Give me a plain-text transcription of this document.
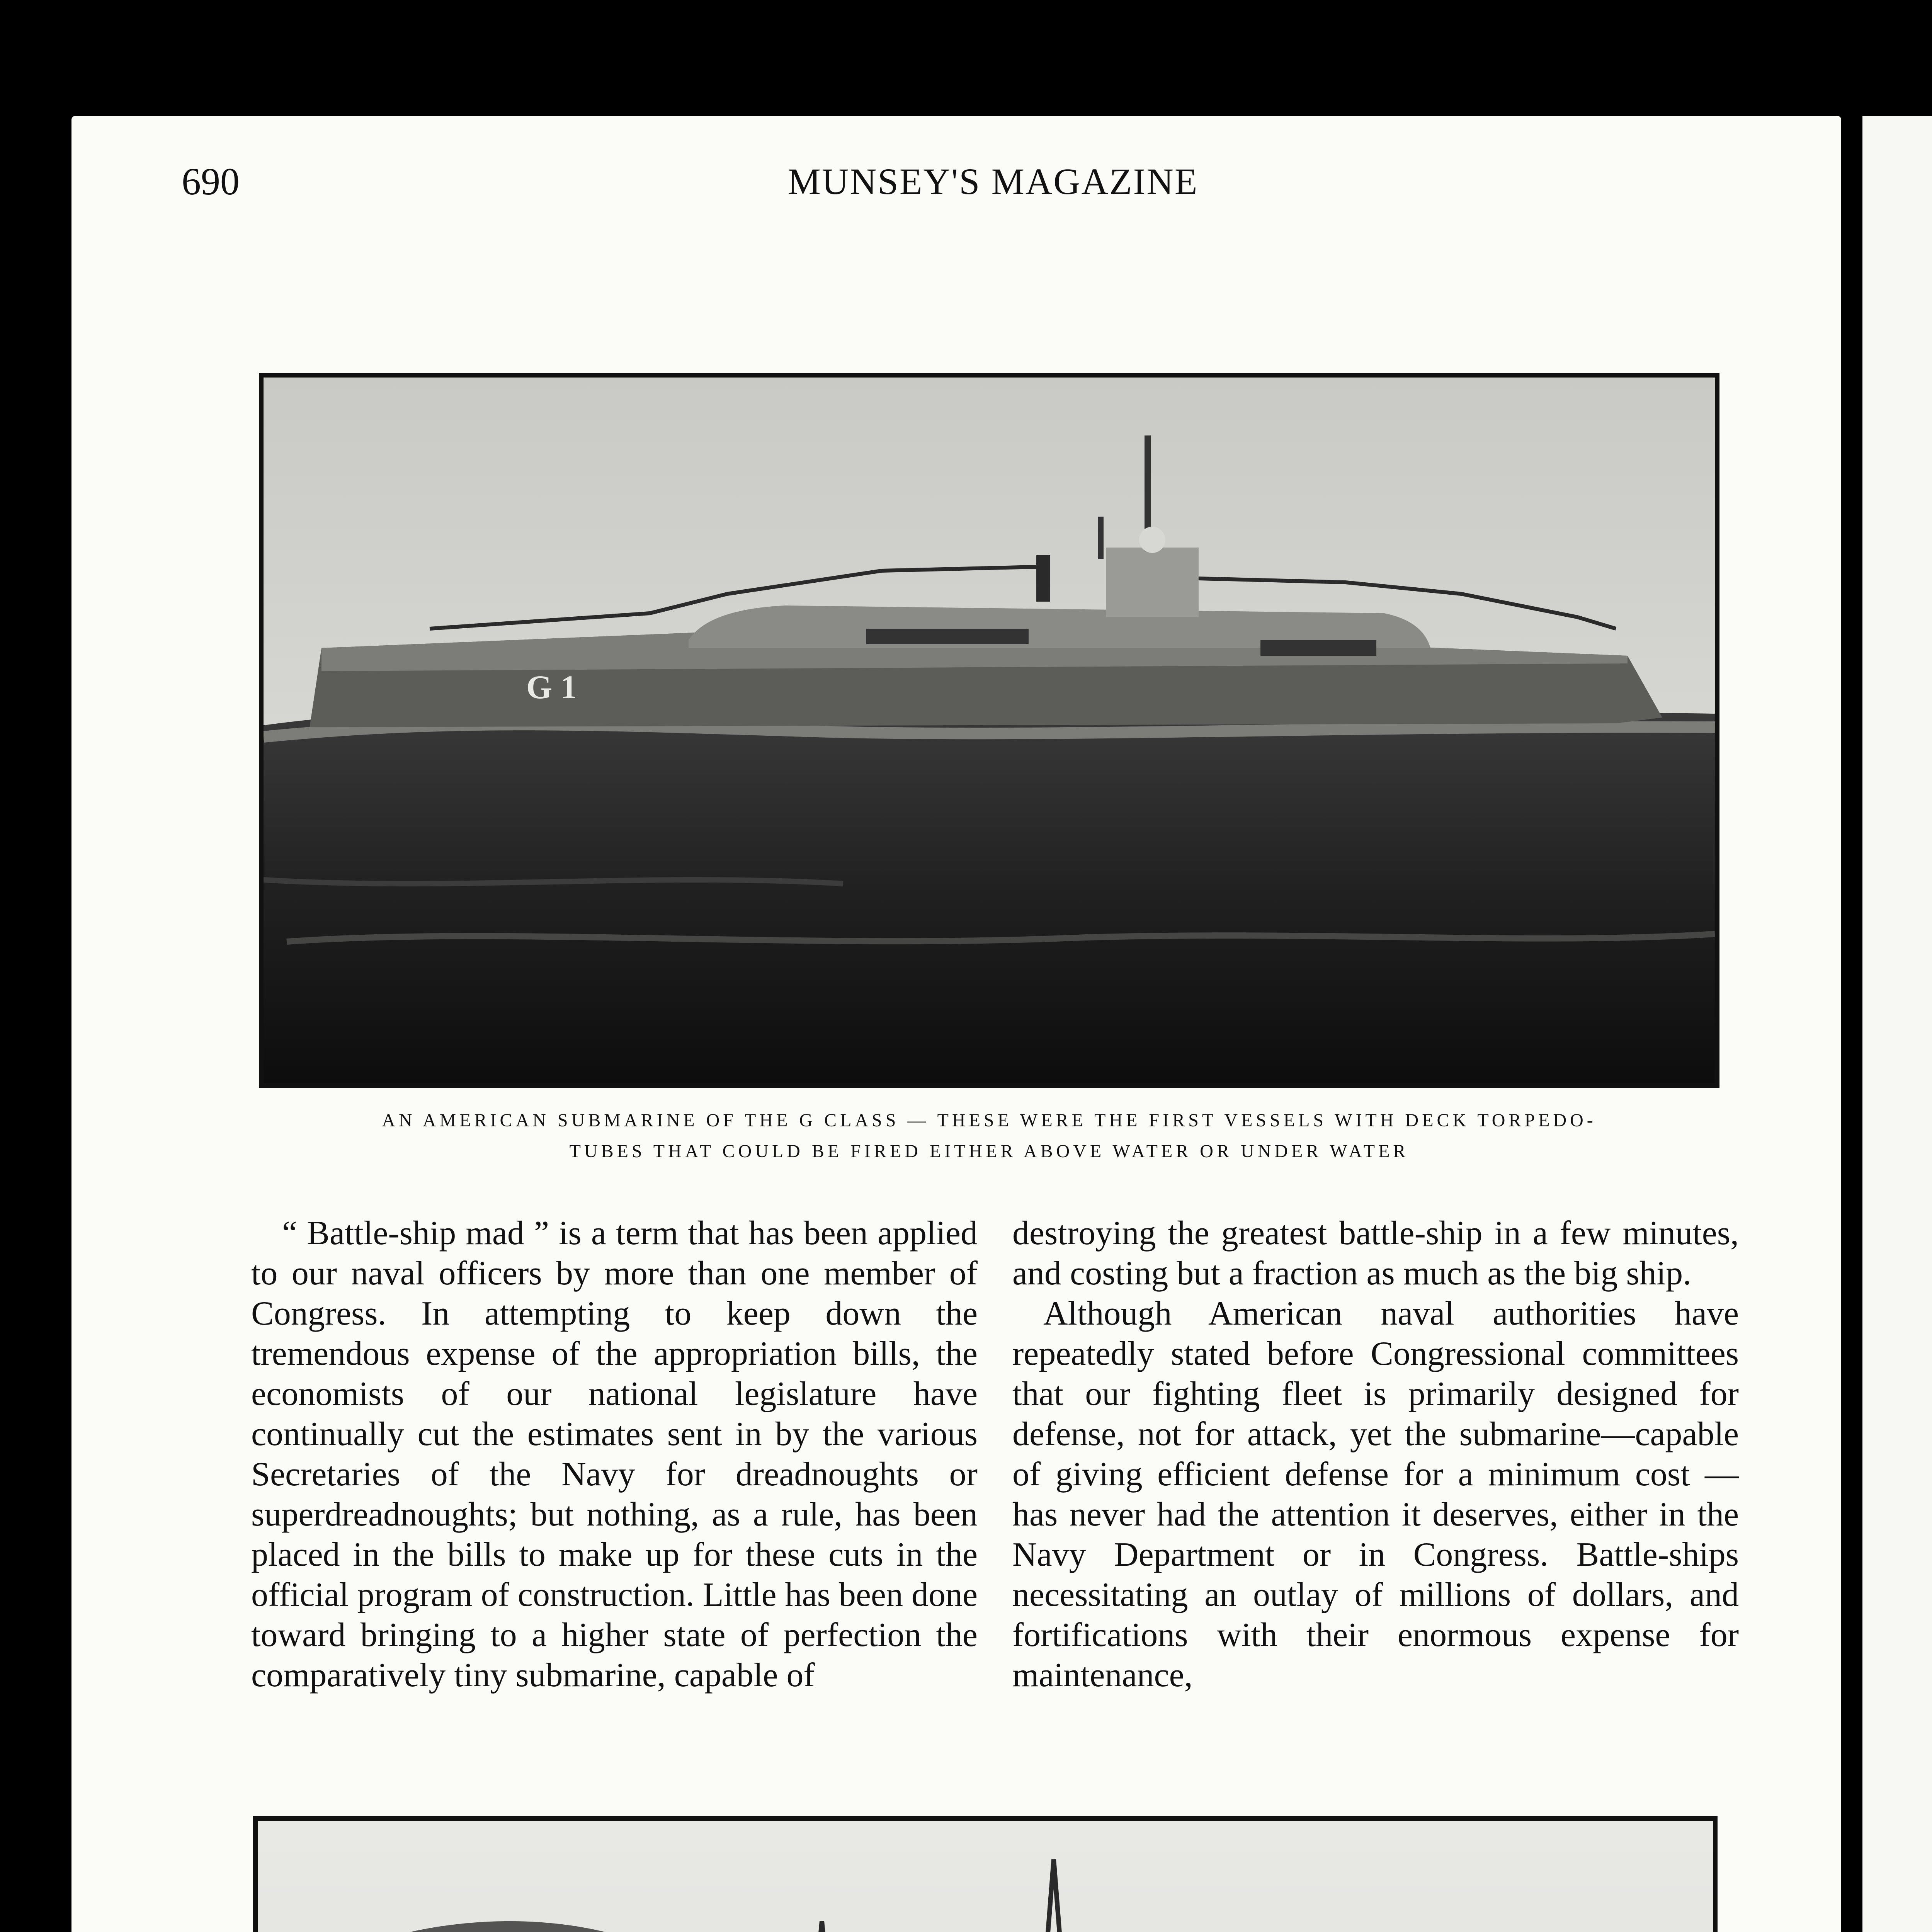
690	MUNSEY'S MAGAZINE
G 1
AN AMERICAN SUBMARINE OF THE G CLASS — THESE WERE THE FIRST VESSELS WITH DECK TORPEDO-
TUBES THAT COULD BE FIRED EITHER ABOVE WATER OR UNDER WATER

“ Battle-ship mad ” is a term that has been applied to our naval officers by more than one member of Congress. In attempting to keep down the tremendous expense of the appropriation bills, the economists of our national legislature have continually cut the estimates sent in by the various Secretaries of the Navy for dreadnoughts or superdreadnoughts; but nothing, as a rule, has been placed in the bills to make up for these cuts in the official program of construction. Little has been done toward bringing to a higher state of perfection the comparatively tiny submarine, capable of

destroying the greatest battle-ship in a few minutes, and costing but a fraction as much as the big ship.

Although American naval authorities have repeatedly stated before Congressional committees that our fighting fleet is primarily designed for defense, not for attack, yet the submarine—capable of giving efficient defense for a minimum cost — has never had the attention it deserves, either in the Navy Department or in Congress. Battle-ships necessitating an outlay of millions of dollars, and fortifications with their enormous expense for maintenance,
